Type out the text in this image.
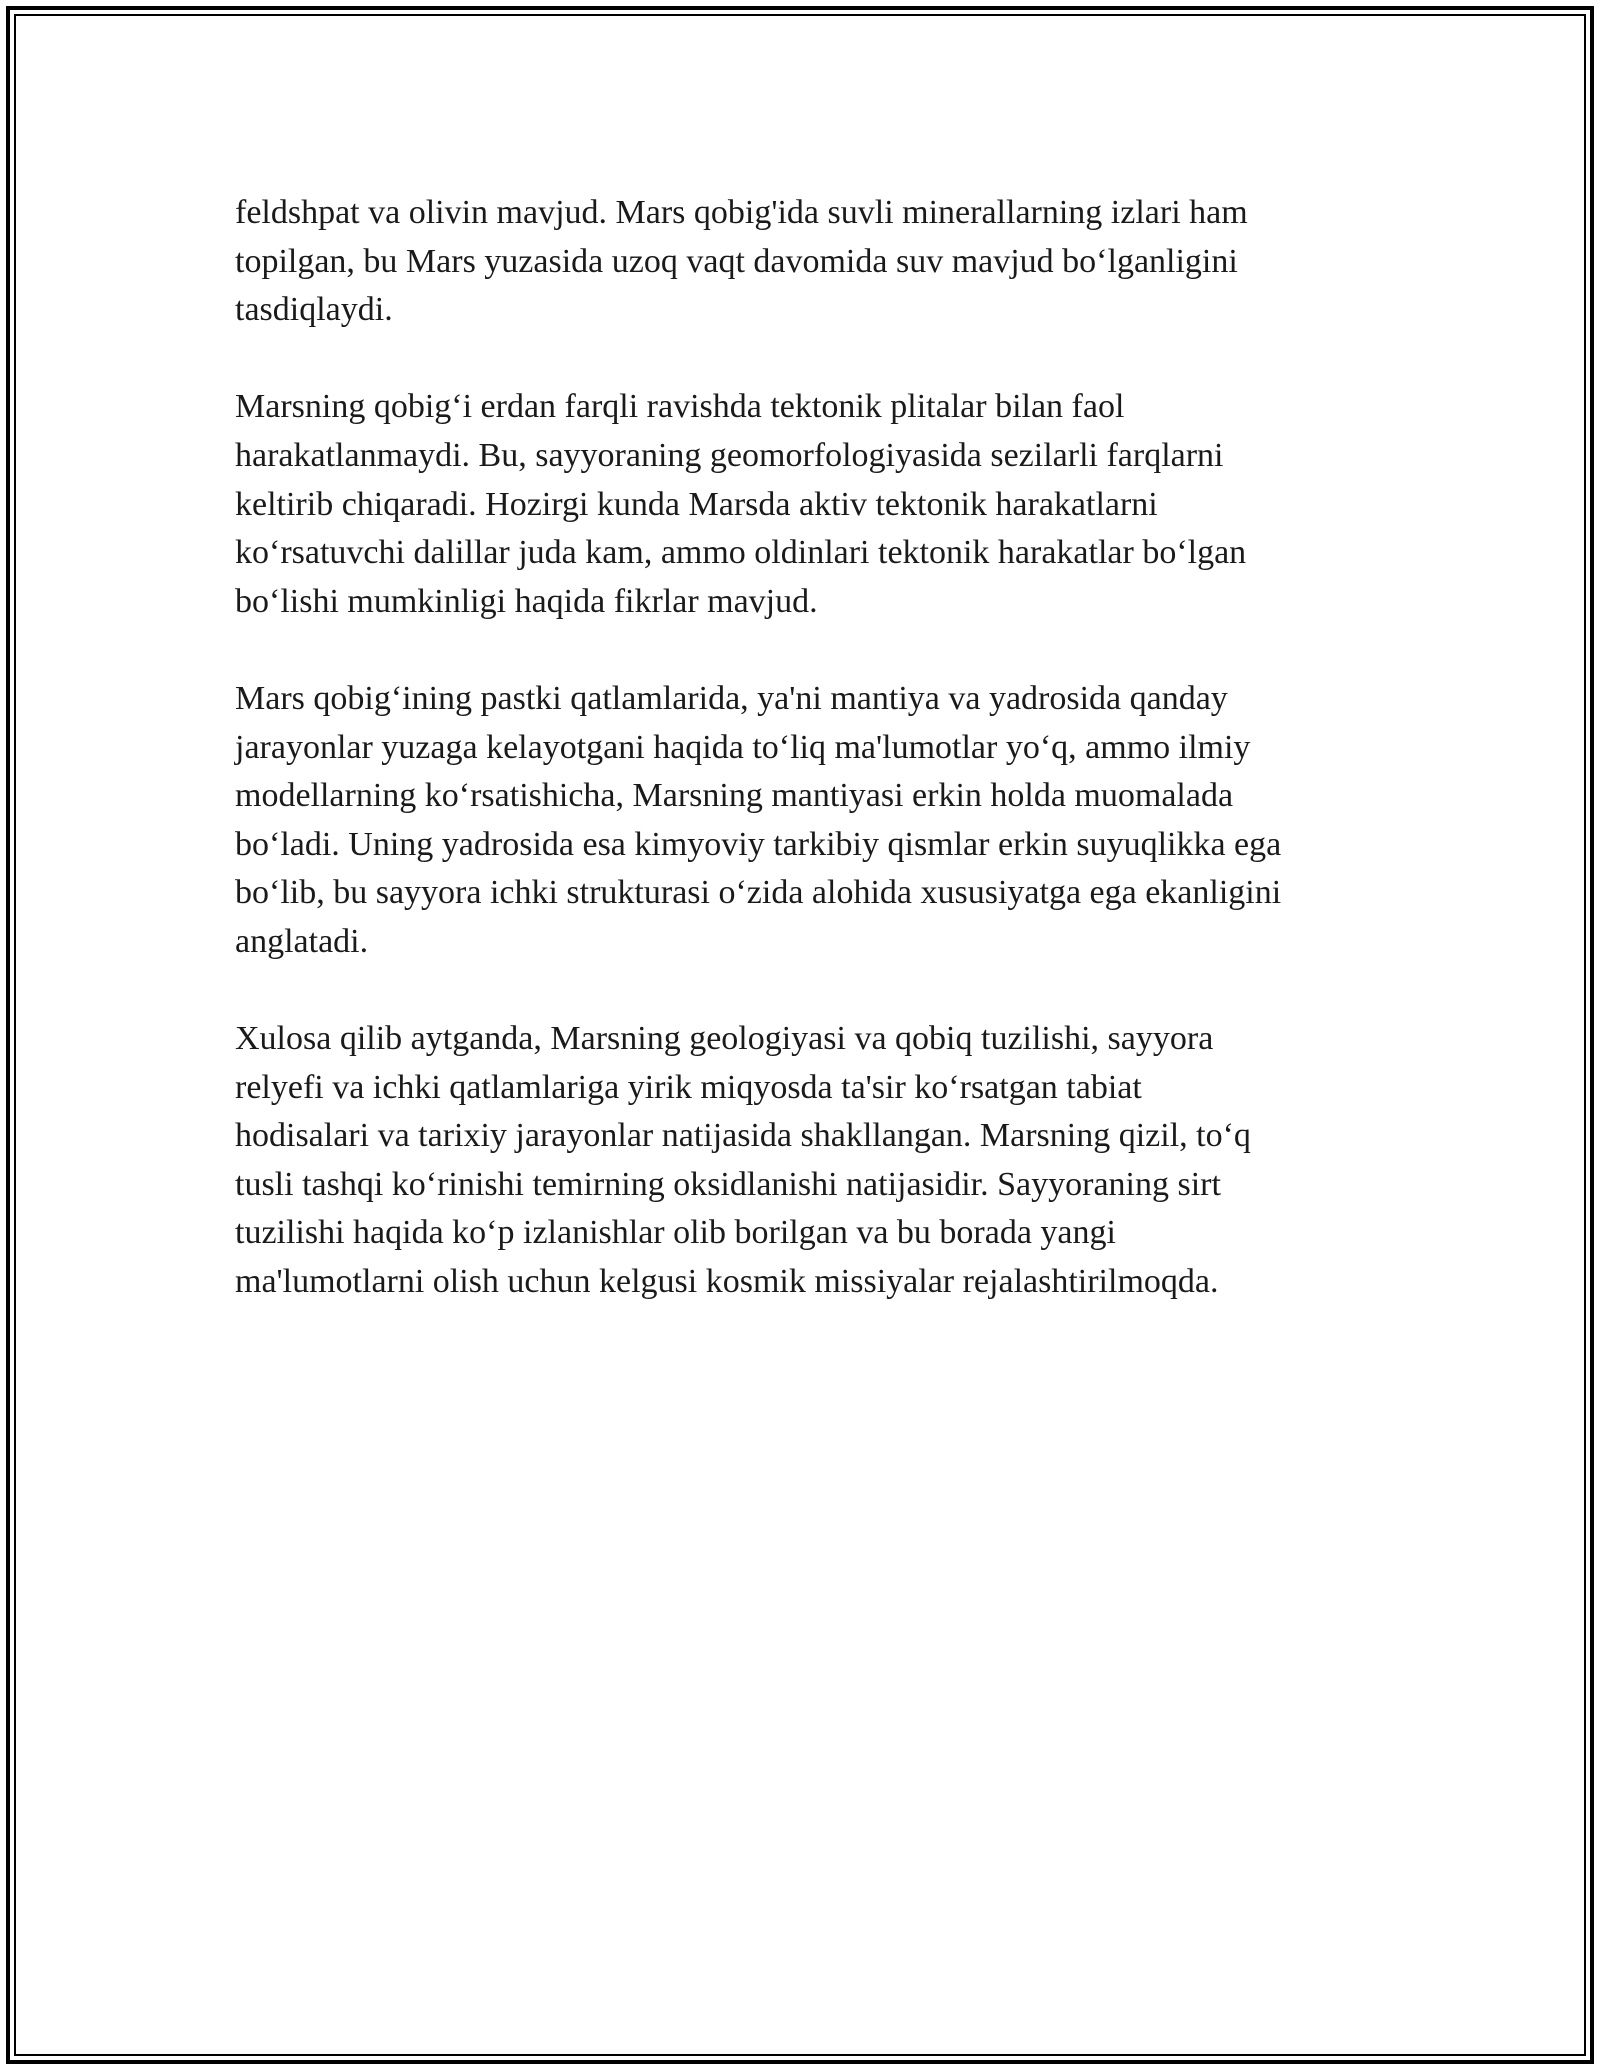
feldshpat va olivin mavjud. Mars qobig'ida suvli minerallarning izlari ham
topilgan, bu Mars yuzasida uzoq vaqt davomida suv mavjud bo‘lganligini
tasdiqlaydi.

Marsning qobig‘i erdan farqli ravishda tektonik plitalar bilan faol
harakatlanmaydi. Bu, sayyoraning geomorfologiyasida sezilarli farqlarni
keltirib chiqaradi. Hozirgi kunda Marsda aktiv tektonik harakatlarni
ko‘rsatuvchi dalillar juda kam, ammo oldinlari tektonik harakatlar bo‘lgan
bo‘lishi mumkinligi haqida fikrlar mavjud.

Mars qobig‘ining pastki qatlamlarida, ya'ni mantiya va yadrosida qanday
jarayonlar yuzaga kelayotgani haqida to‘liq ma'lumotlar yo‘q, ammo ilmiy
modellarning ko‘rsatishicha, Marsning mantiyasi erkin holda muomalada
bo‘ladi. Uning yadrosida esa kimyoviy tarkibiy qismlar erkin suyuqlikka ega
bo‘lib, bu sayyora ichki strukturasi o‘zida alohida xususiyatga ega ekanligini
anglatadi.

Xulosa qilib aytganda, Marsning geologiyasi va qobiq tuzilishi, sayyora
relyefi va ichki qatlamlariga yirik miqyosda ta'sir ko‘rsatgan tabiat
hodisalari va tarixiy jarayonlar natijasida shakllangan. Marsning qizil, to‘q
tusli tashqi ko‘rinishi temirning oksidlanishi natijasidir. Sayyoraning sirt
tuzilishi haqida ko‘p izlanishlar olib borilgan va bu borada yangi
ma'lumotlarni olish uchun kelgusi kosmik missiyalar rejalashtirilmoqda.
